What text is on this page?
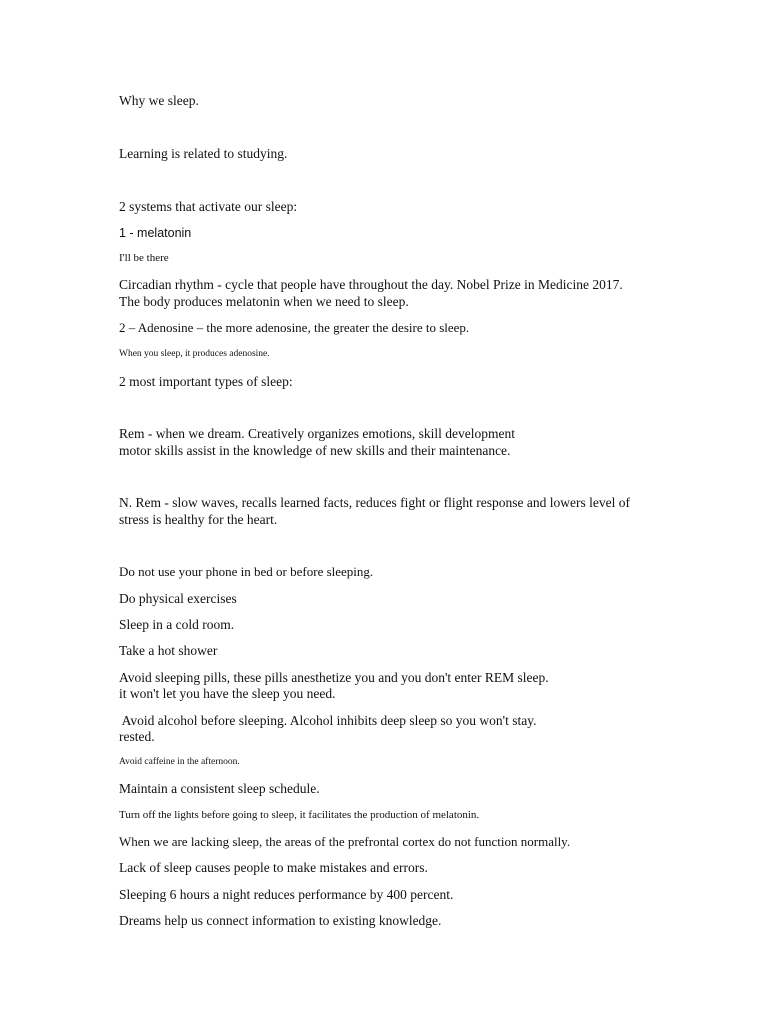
Why we sleep.

Learning is related to studying.

2 systems that activate our sleep:

1 - melatonin

I'll be there

Circadian rhythm - cycle that people have throughout the day. Nobel Prize in Medicine 2017.

The body produces melatonin when we need to sleep.

2 – Adenosine – the more adenosine, the greater the desire to sleep.

When you sleep, it produces adenosine.

2 most important types of sleep:

Rem - when we dream. Creatively organizes emotions, skill development

motor skills assist in the knowledge of new skills and their maintenance.

N. Rem - slow waves, recalls learned facts, reduces fight or flight response and lowers level of

stress is healthy for the heart.

Do not use your phone in bed or before sleeping.

Do physical exercises

Sleep in a cold room.

Take a hot shower

Avoid sleeping pills, these pills anesthetize you and you don't enter REM sleep.

it won't let you have the sleep you need.

Avoid alcohol before sleeping. Alcohol inhibits deep sleep so you won't stay.

rested.

Avoid caffeine in the afternoon.

Maintain a consistent sleep schedule.

Turn off the lights before going to sleep, it facilitates the production of melatonin.

When we are lacking sleep, the areas of the prefrontal cortex do not function normally.

Lack of sleep causes people to make mistakes and errors.

Sleeping 6 hours a night reduces performance by 400 percent.

Dreams help us connect information to existing knowledge.
